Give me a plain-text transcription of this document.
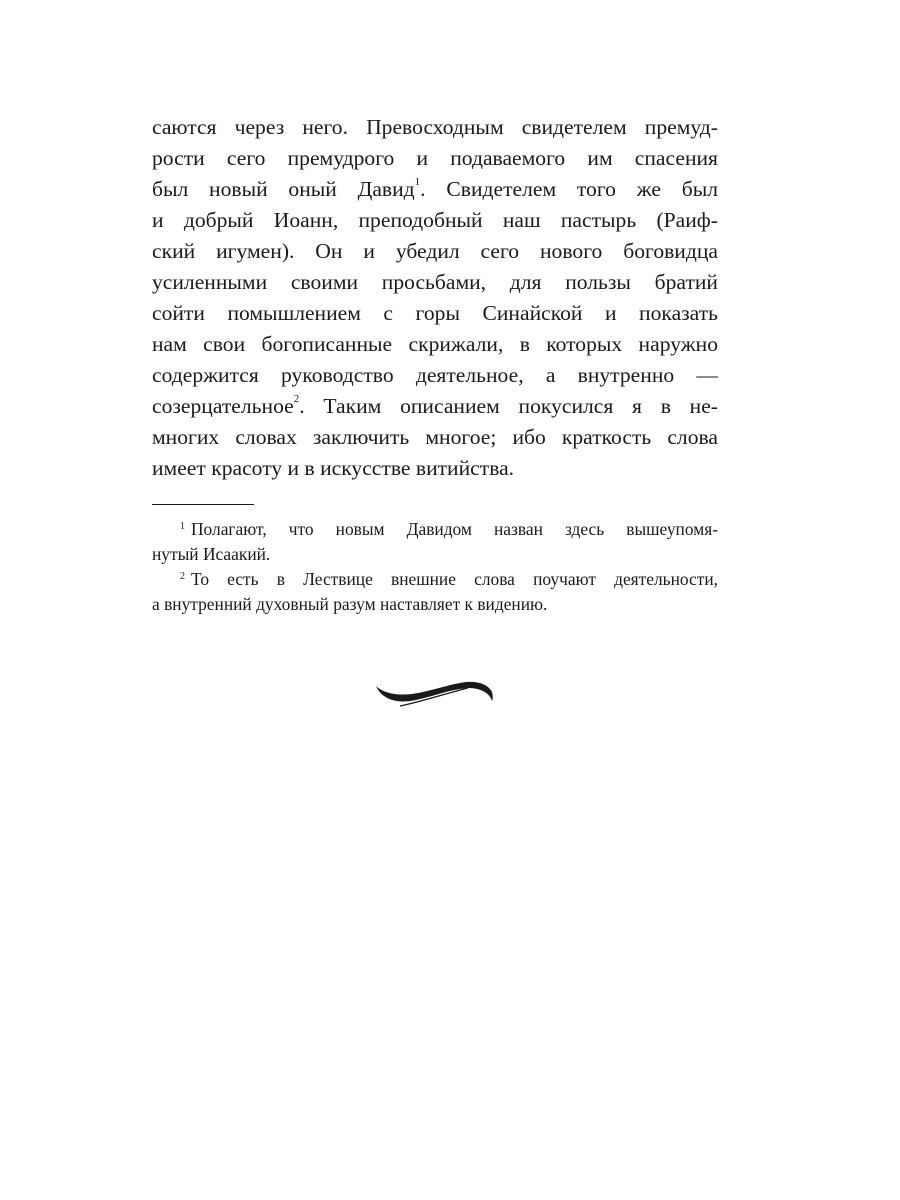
саются через него. Превосходным свидетелем премуд-
рости сего премудрого и подаваемого им спасения
был новый оный Давид$^1$. Свидетелем того же был
и добрый Иоанн, преподобный наш пастырь (Раиф-
ский игумен). Он и убедил сего нового боговидца
усиленными своими просьбами, для пользы братий
сойти помышлением с горы Синайской и показать
нам свои богописанные скрижали, в которых наружно
содержится руководство деятельное, а внутренно —
созерцательное$^2$. Таким описанием покусился я в не-
многих словах заключить многое; ибо краткость слова
имеет красоту и в искусстве витийства.
$^1$ Полагают, что новым Давидом назван здесь вышеупомя-
нутый Исаакий.
$^2$ То есть в Лествице внешние слова поучают деятельности,
а внутренний духовный разум наставляет к видению.
